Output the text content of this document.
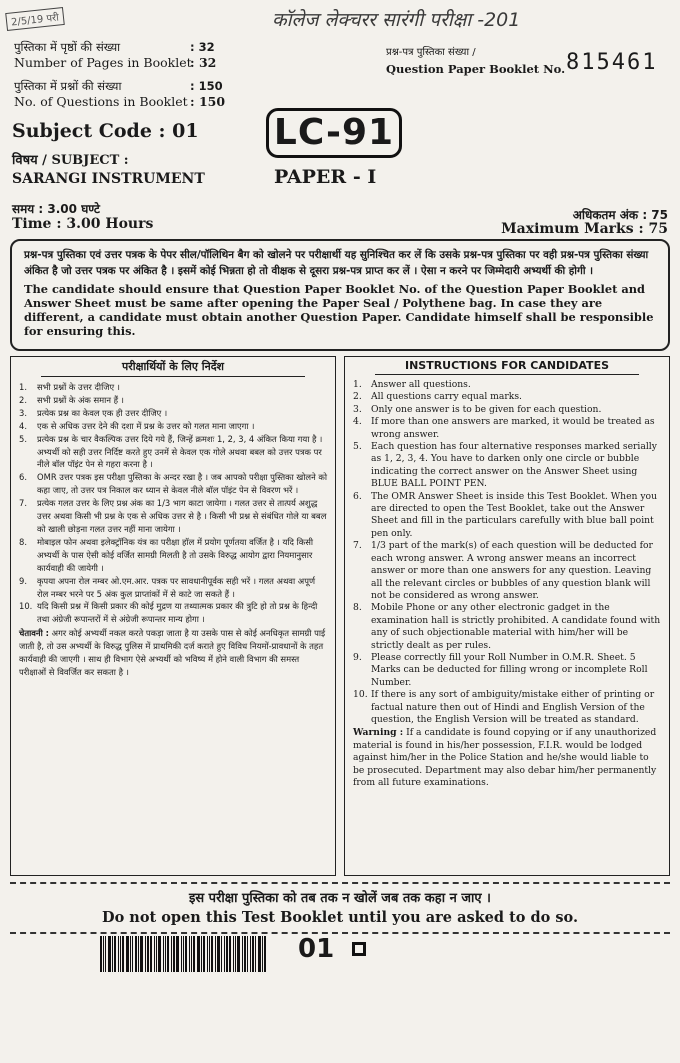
कॉलेज लेक्चरर सारंगी परीक्षा -201
2/5/19 परी
पुस्तिका में पृष्ठों की संख्या	: 32
Number of Pages in Booklet
: 32
पुस्तिका में प्रश्नों की संख्या	: 150
No. of Questions in Booklet : 150
प्रश्न-पत्र पुस्तिका संख्या /
Question Paper Booklet No. 815461
Subject Code : 01
विषय / SUBJECT :
SARANGI INSTRUMENT
LC-91
PAPER - I
समय : 3.00 घण्टे
Time : 3.00 Hours
अधिकतम अंक : 75
Maximum Marks : 75
प्रश्न-पत्र पुस्तिका एवं उत्तर पत्रक के पेपर सील/पॉलिथिन बैग को खोलने पर परीक्षार्थी यह सुनिश्चित कर लें कि उसके प्रश्न-पत्र पुस्तिका पर वही प्रश्न-पत्र पुस्तिका संख्या अंकित है जो उत्तर पत्रक पर अंकित है । इसमें कोई भिन्नता हो तो वीक्षक से दूसरा प्रश्न-पत्र प्राप्त कर लें । ऐसा न करने पर जिम्मेदारी अभ्यर्थी की होगी ।
The candidate should ensure that Question Paper Booklet No. of the Question Paper Booklet and Answer Sheet must be same after opening the Paper Seal / Polythene bag. In case they are different, a candidate must obtain another Question Paper. Candidate himself shall be responsible for ensuring this.
परीक्षार्थियों के लिए निर्देश
1. सभी प्रश्नों के उत्तर दीजिए ।
2. सभी प्रश्नों के अंक समान हैं ।
3. प्रत्येक प्रश्न का केवल एक ही उत्तर दीजिए ।
4. एक से अधिक उत्तर देने की दशा में प्रश्न के उत्तर को गलत माना जाएगा ।
5. प्रत्येक प्रश्न के चार वैकल्पिक उत्तर दिये गये हैं, जिन्हें क्रमशः 1, 2, 3, 4 अंकित किया गया है । अभ्यर्थी को सही उत्तर निर्दिष्ट करते हुए उनमें से केवल एक गोले अथवा बबल को उत्तर पत्रक पर नीले बॉल पॉइंट पेन से गहरा करना है ।
6. OMR उत्तर पत्रक इस परीक्षा पुस्तिका के अन्दर रखा है । जब आपको परीक्षा पुस्तिका खोलने को कहा जाए, तो उत्तर पत्र निकाल कर ध्यान से केवल नीले बॉल पॉइंट पेन से विवरण भरें ।
7. प्रत्येक गलत उत्तर के लिए प्रश्न अंक का 1/3 भाग काटा जायेगा । गलत उत्तर से तात्पर्य अशुद्ध उत्तर अथवा किसी भी प्रश्न के एक से अधिक उत्तर से है । किसी भी प्रश्न से संबंधित गोले या बबल को खाली छोड़ना गलत उत्तर नहीं माना जायेगा ।
8. मोबाइल फोन अथवा इलेक्ट्रॉनिक यंत्र का परीक्षा हॉल में प्रयोग पूर्णतया वर्जित है । यदि किसी अभ्यर्थी के पास ऐसी कोई वर्जित सामग्री मिलती है तो उसके विरुद्ध आयोग द्वारा नियमानुसार कार्यवाही की जायेगी ।
9. कृपया अपना रोल नम्बर ओ.एम.आर. पत्रक पर सावधानीपूर्वक सही भरें । गलत अथवा अपूर्ण रोल नम्बर भरने पर 5 अंक कुल प्राप्तांकों में से काटे जा सकते हैं ।
10. यदि किसी प्रश्न में किसी प्रकार की कोई मुद्रण या तथ्यात्मक प्रकार की त्रुटि हो तो प्रश्न के हिन्दी तथा अंग्रेजी रूपान्तरों में से अंग्रेजी रूपान्तर मान्य होगा ।
चेतावनी : अगर कोई अभ्यर्थी नकल करते पकड़ा जाता है या उसके पास से कोई अनधिकृत सामग्री पाई जाती है, तो उस अभ्यर्थी के विरुद्ध पुलिस में प्राथमिकी दर्ज कराते हुए विविध नियमों-प्रावधानों के तहत कार्यवाही की जाएगी । साथ ही विभाग ऐसे अभ्यर्थी को भविष्य में होने वाली विभाग की समस्त परीक्षाओं से विवर्जित कर सकता है ।
INSTRUCTIONS FOR CANDIDATES
1. Answer all questions.
2. All questions carry equal marks.
3. Only one answer is to be given for each question.
4. If more than one answers are marked, it would be treated as wrong answer.
5. Each question has four alternative responses marked serially as 1, 2, 3, 4. You have to darken only one circle or bubble indicating the correct answer on the Answer Sheet using BLUE BALL POINT PEN.
6. The OMR Answer Sheet is inside this Test Booklet. When you are directed to open the Test Booklet, take out the Answer Sheet and fill in the particulars carefully with blue ball point pen only.
7. 1/3 part of the mark(s) of each question will be deducted for each wrong answer. A wrong answer means an incorrect answer or more than one answers for any question. Leaving all the relevant circles or bubbles of any question blank will not be considered as wrong answer.
8. Mobile Phone or any other electronic gadget in the examination hall is strictly prohibited. A candidate found with any of such objectionable material with him/her will be strictly dealt as per rules.
9. Please correctly fill your Roll Number in O.M.R. Sheet. 5 Marks can be deducted for filling wrong or incomplete Roll Number.
10. If there is any sort of ambiguity/mistake either of printing or factual nature then out of Hindi and English Version of the question, the English Version will be treated as standard.
Warning : If a candidate is found copying or if any unauthorized material is found in his/her possession, F.I.R. would be lodged against him/her in the Police Station and he/she would liable to be prosecuted. Department may also debar him/her permanently from all future examinations.
इस परीक्षा पुस्तिका को तब तक न खोलें जब तक कहा न जाए ।
Do not open this Test Booklet until you are asked to do so.
01
